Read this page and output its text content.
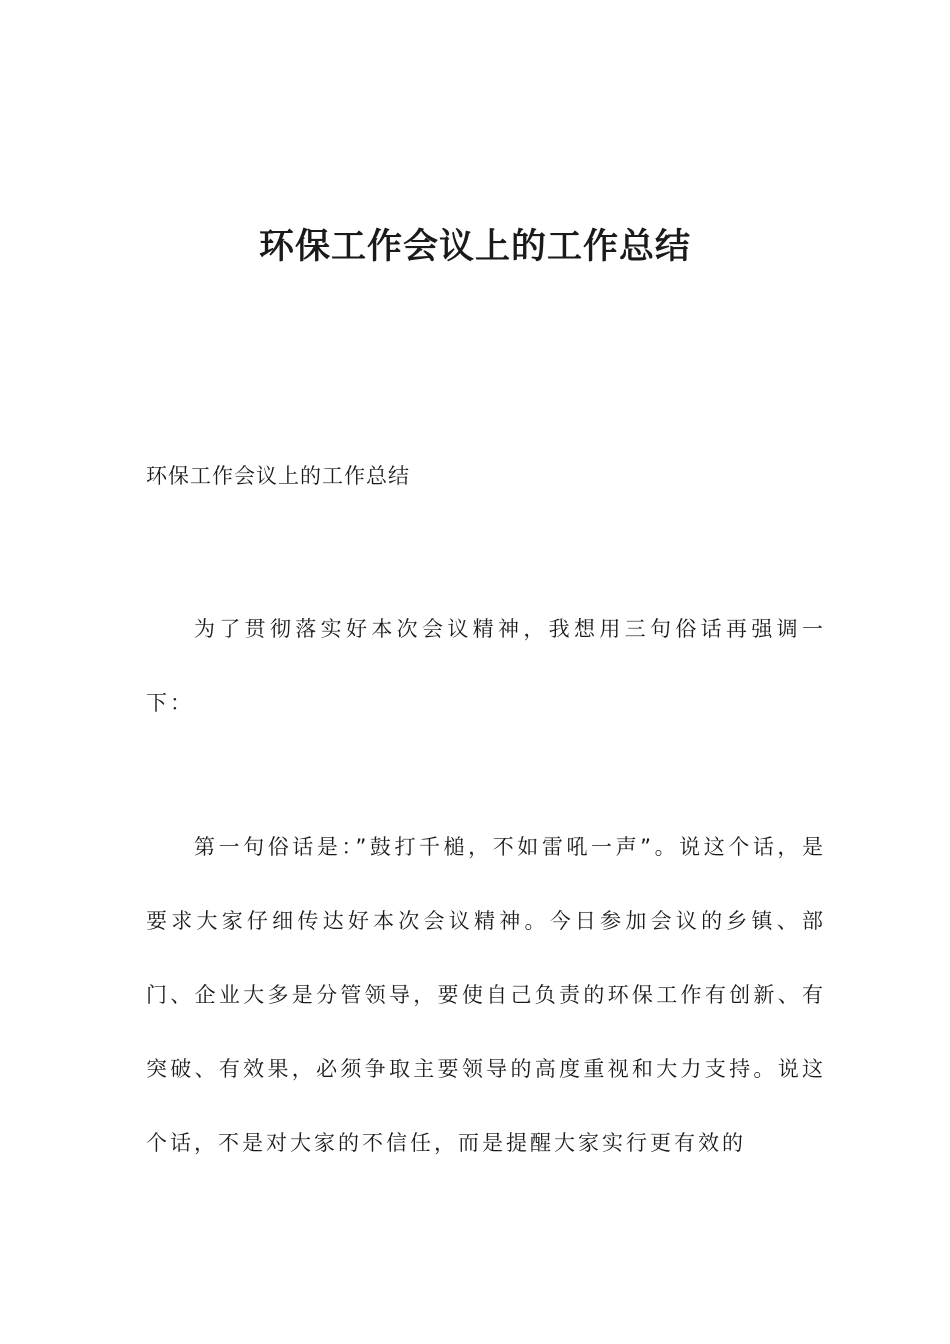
环保工作会议上的工作总结

环保工作会议上的工作总结

为了贯彻落实好本次会议精神，我想用三句俗话再强调一下：

第一句俗话是：”鼓打千槌，不如雷吼一声”。说这个话，是要求大家仔细传达好本次会议精神。今日参加会议的乡镇、部门、企业大多是分管领导，要使自己负责的环保工作有创新、有突破、有效果，必须争取主要领导的高度重视和大力支持。说这个话，不是对大家的不信任，而是提醒大家实行更有效的
